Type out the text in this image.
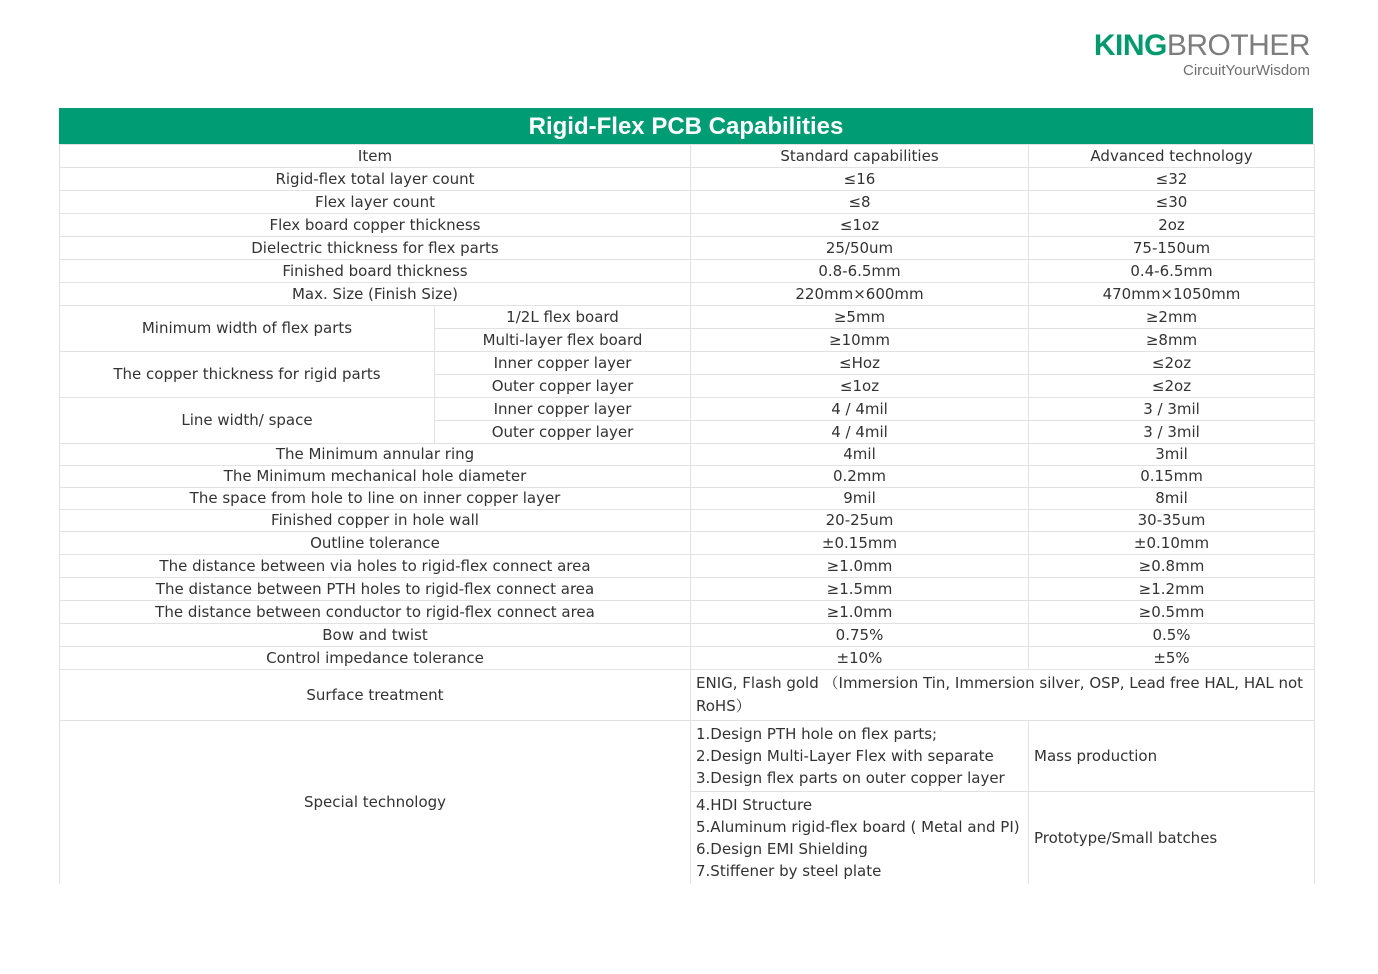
KINGBROTHER
CircuitYourWisdom
Rigid-Flex PCB Capabilities
Item		Standard capabilities	Advanced technology
Rigid-flex total layer count		≤16	≤32
Flex layer count		≤8	≤30
Flex board copper thickness		≤1oz	2oz
Dielectric thickness for flex parts		25/50um	75-150um
Finished board thickness		0.8-6.5mm	0.4-6.5mm
Max. Size (Finish Size)		220mm×600mm	470mm×1050mm
Minimum width of flex parts	1/2L flex board	≥5mm	≥2mm
	Multi-layer flex board	≥10mm	≥8mm
The copper thickness for rigid parts	Inner copper layer	≤Hoz	≤2oz
	Outer copper layer	≤1oz	≤2oz
Line width/ space	Inner copper layer	4 / 4mil	3 / 3mil
	Outer copper layer	4 / 4mil	3 / 3mil
The Minimum annular ring		4mil	3mil
The Minimum mechanical hole diameter		0.2mm	0.15mm
The space from hole to line on inner copper layer		9mil	8mil
Finished copper in hole wall		20-25um	30-35um
Outline tolerance		±0.15mm	±0.10mm
The distance between via holes to rigid-flex connect area		≥1.0mm	≥0.8mm
The distance between PTH holes to rigid-flex connect area		≥1.5mm	≥1.2mm
The distance between conductor to rigid-flex connect area		≥1.0mm	≥0.5mm
Bow and twist		0.75%	0.5%
Control impedance tolerance		±10%	±5%
Surface treatment		ENIG, Flash gold （Immersion Tin, Immersion silver, OSP, Lead free HAL, HAL not RoHS）	
Special technology		1.Design PTH hole on flex parts;
2.Design Multi-Layer Flex with separate
3.Design flex parts on outer copper layer	Mass production

		4.HDI Structure
5.Aluminum rigid-flex board ( Metal and PI)
6.Design EMI Shielding
7.Stiffener by steel plate	Prototype/Small batches
